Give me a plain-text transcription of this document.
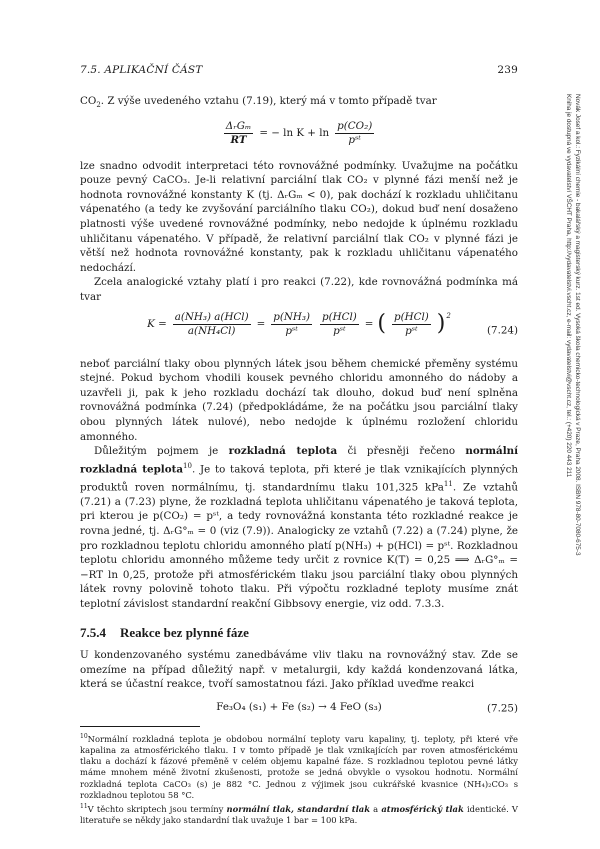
7.5. APLIKAČNÍ ČÁST	239

$CO_2$. Z výše uvedeného vztahu (7.19), který má v tomto případě tvar

$\frac{\text{ΔᵣGₘ}}{RT}$ = − $\ln K + \ln \frac{\text{p(CO₂)}}{\text{pˢᵗ}}$

lze snadno odvodit interpretaci této rovnovážné podmínky. Uvažujme na počátku pouze pevný CaCO₃. Je-li relativní parciální tlak CO₂ v plynné fázi menší než je hodnota rovnovážné konstanty K (tj. ΔᵣGₘ < 0), pak dochází k rozkladu uhličitanu vápenatého (a tedy ke zvyšování parciálního tlaku CO₂), dokud buď není dosaženo platnosti výše uvedené rovnovážné podmínky, nebo nedojde k úplnému rozkladu uhličitanu vápenatého. V případě, že relativní parciální tlak CO₂ v plynné fázi je větší než hodnota rovnovážné konstanty, pak k rozkladu uhličitanu vápenatého nedochází.

Zcela analogické vztahy platí i pro reakci (7.22), kde rovnovážná podmínka má tvar

$K = \frac{\text{a(NH₃) a(HCl)}}{\text{a(NH₄Cl)}} = \frac{\text{p(NH₃)}}{\text{pˢᵗ}} \frac{\text{p(HCl)}}{\text{pˢᵗ}}$ = ( $\frac{\text{p(HCl)}}{\text{pˢᵗ}} )^2$
(7.24)

neboť parciální tlaky obou plynných látek jsou během chemické přeměny systému stejné. Pokud bychom vhodili kousek pevného chloridu amonného do nádoby a uzavřeli ji, pak k jeho rozkladu dochází tak dlouho, dokud buď není splněna rovnovážná podmínka (7.24) (předpokládáme, že na počátku jsou parciální tlaky obou plynných látek nulové), nebo nedojde k úplnému rozložení chloridu amonného.

Důležitým pojmem je rozkladná teplota či přesněji řečeno normální rozkladná teplota$^{10}$. Je to taková teplota, při které je tlak vznikajících plynných produktů roven normálnímu, tj. standardnímu tlaku 101,325 kPa$^{11}$. Ze vztahů (7.21) a (7.23) plyne, že rozkladná teplota uhličitanu vápenatého je taková teplota, pri kterou je p(CO₂) = pˢᵗ, a tedy rovnovážná konstanta této rozkladné reakce je rovna jedné, tj. ΔᵣG°ₘ = 0 (viz (7.9)). Analogicky ze vztahů (7.22) a (7.24) plyne, že pro rozkladnou teplotu chloridu amonného platí p(NH₃) + p(HCl) = pˢᵗ. Rozkladnou teplotu chloridu amonného můžeme tedy určit z rovnice K(T) = 0,25 ⟹ ΔᵣG°ₘ = −RT ln 0,25, protože při atmosférickém tlaku jsou parciální tlaky obou plynných látek rovny polovině tohoto tlaku. Při výpočtu rozkladné teploty musíme znát teplotní závislost standardní reakční Gibbsovy energie, viz odd. 7.3.3.

7.5.4 Reakce bez plynné fáze

U kondenzovaného systému zanedbáváme vliv tlaku na rovnovážný stav. Zde se omezíme na případ důležitý např. v metalurgii, kdy každá kondenzovaná látka, která se účastní reakce, tvoří samostatnou fázi. Jako příklad uveďme reakci

Fe₃O₄ (s₁) + Fe (s₂) → 4 FeO (s₃)	(7.25)

$^{10}$Normální rozkladná teplota je obdobou normální teploty varu kapaliny, tj. teploty, při které vře kapalina za atmosférického tlaku. I v tomto případě je tlak vznikajících par roven atmosférickému tlaku a dochází k fázové přeměně v celém objemu kapalné fáze. S rozkladnou teplotou pevné látky máme mnohem méně životní zkušenosti, protože se jedná obvykle o vysokou hodnotu. Normální rozkladná teplota CaCO₃ (s) je 882 °C. Jednou z výjimek jsou cukrářské kvasnice (NH₄)₂CO₃ s rozkladnou teplotou 58 °C.

$^{11}$V těchto skriptech jsou termíny normální tlak, standardní tlak a atmosférický tlak identické. V literatuře se někdy jako standardní tlak uvažuje 1 bar = 100 kPa.

Novák Josef a kol.: Fyzikální chemie - bakalářský a magisterský kurz. 1st ed. Vysoká škola chemicko-technologická v Praze, Praha 2008. ISBN 978-80-7080-675-3
Kniha je dostupná ve vydavatelství VŠCHT Praha, http://vydavatelstvi.vscht.cz, e-mail: vydavatelstvi@vscht.cz, tel.: (+420) 220 443 211
